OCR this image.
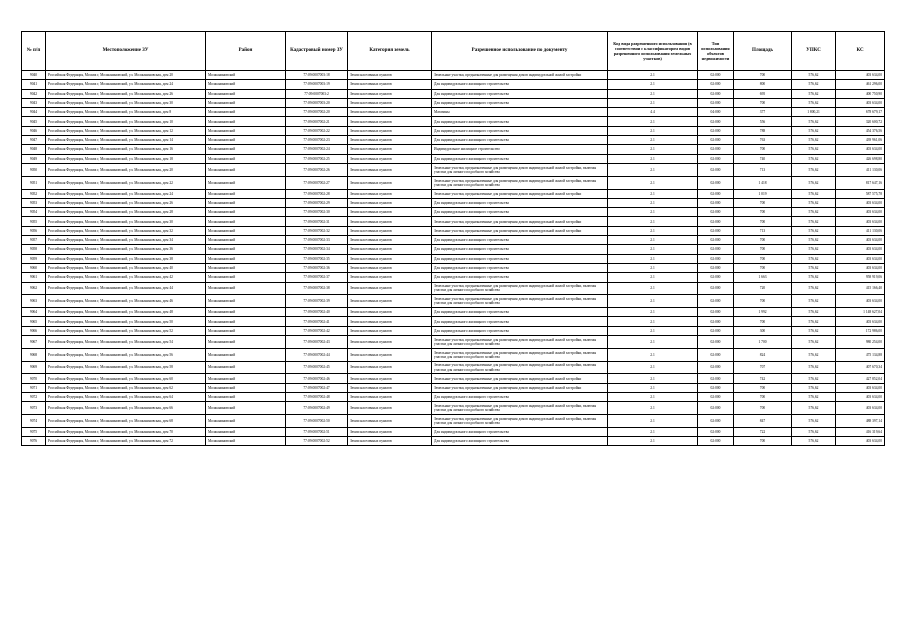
№ п/п	Местоположение ЗУ	Район	Кадастровый номер ЗУ	Категория земель	Разрешенное использование по документу	Код вида разрешенного использования (в соответствии с классификатором видов разрешенного использования земельных участков)	Тип использования объектов недвижимости	Площадь	УПКС	КС
9040	Российская Федерация, Москва г, Молжаниновский, ул. Молжаниновская, дом 20	Молжаниновский	77:09:0007003:18	Земли населенных пунктов	Земельные участки, предназначенные для размещения домов индивидуальной жилой застройки	2.1	02:000	700	576,62	403 634,00
9041	Российская Федерация, Москва г, Молжаниновский, ул. Молжаниновская, дом 24	Молжаниновский	77:09:0007003:19	Земли населенных пунктов	Для индивидуального жилищного строительства	2.1	02:000	800	576,62	461 296,00
9042	Российская Федерация, Москва г, Молжаниновский, ул. Молжаниновская, дом 26	Молжаниновский	77:09:0007003:2	Земли населенных пунктов	Для индивидуального жилищного строительства	2.1	02:000	695	576,62	400 750,90
9043	Российская Федерация, Москва г, Молжаниновский, ул. Молжаниновская, дом 30	Молжаниновский	77:09:0007003:20	Земли населенных пунктов	Для индивидуального жилищного строительства	2.1	02:000	700	576,62	403 634,00
9044	Российская Федерация, Москва г, Молжаниновский, ул. Молжаниновская, дом 8	Молжаниновский	77:09:0007002:20	Земли населенных пунктов	Магазины	4.4	04:000	377	1 800,21	678 679,17
9045	Российская Федерация, Москва г, Молжаниновский, ул. Молжаниновская, дом 10	Молжаниновский	77:09:0007002:21	Земли населенных пунктов	Для индивидуального жилищного строительства	2.1	02:000	556	576,62	320 600,72
9046	Российская Федерация, Москва г, Молжаниновский, ул. Молжаниновская, дом 12	Молжаниновский	77:09:0007002:22	Земли населенных пунктов	Для индивидуального жилищного строительства	2.1	02:000	788	576,62	454 376,56
9047	Российская Федерация, Москва г, Молжаниновский, ул. Молжаниновская, дом 14	Молжаниновский	77:09:0007002:23	Земли населенных пунктов	Для индивидуального жилищного строительства	2.1	02:000	763	576,62	439 961,06
9048	Российская Федерация, Москва г, Молжаниновский, ул. Молжаниновская, дом 16	Молжаниновский	77:09:0007002:24	Земли населенных пунктов	Индивидуальное жилищное строительство	2.1	02:000	700	576,62	403 634,00
9049	Российская Федерация, Москва г, Молжаниновский, ул. Молжаниновская, дом 18	Молжаниновский	77:09:0007002:25	Земли населенных пунктов	Для индивидуального жилищного строительства	2.1	02:000	740	576,62	426 698,80
9050	Российская Федерация, Москва г, Молжаниновский, ул. Молжаниновская, дом 20	Молжаниновский	77:09:0007002:26	Земли населенных пунктов	Земельные участки, предназначенные для размещения домов индивидуальной жилой застройки, включая участки для личного подсобного хозяйства	2.1	02:000	713	576,62	411 130,06
9051	Российская Федерация, Москва г, Молжаниновский, ул. Молжаниновская, дом 22	Молжаниновский	77:09:0007002:27	Земли населенных пунктов	Земельные участки, предназначенные для размещения домов индивидуальной жилой застройки, включая участки для личного подсобного хозяйства	2.1	02:000	1 418	576,62	817 647,16
9052	Российская Федерация, Москва г, Молжаниновский, ул. Молжаниновская, дом 24	Молжаниновский	77:09:0007002:28	Земли населенных пунктов	Земельные участки, предназначенные для размещения домов индивидуальной жилой застройки	2.1	02:000	1 019	576,62	587 575,78
9053	Российская Федерация, Москва г, Молжаниновский, ул. Молжаниновская, дом 26	Молжаниновский	77:09:0007002:29	Земли населенных пунктов	Для индивидуального жилищного строительства	2.1	02:000	700	576,62	403 634,00
9054	Российская Федерация, Москва г, Молжаниновский, ул. Молжаниновская, дом 28	Молжаниновский	77:09:0007002:30	Земли населенных пунктов	Для индивидуального жилищного строительства	2.1	02:000	700	576,62	403 634,00
9055	Российская Федерация, Москва г, Молжаниновский, ул. Молжаниновская, дом 30	Молжаниновский	77:09:0007002:31	Земли населенных пунктов	Земельные участки, предназначенные для размещения домов индивидуальной жилой застройки	2.1	02:000	700	576,62	403 634,00
9056	Российская Федерация, Москва г, Молжаниновский, ул. Молжаниновская, дом 32	Молжаниновский	77:09:0007002:32	Земли населенных пунктов	Земельные участки, предназначенные для размещения домов индивидуальной жилой застройки	2.1	02:000	713	576,62	411 130,06
9057	Российская Федерация, Москва г, Молжаниновский, ул. Молжаниновская, дом 34	Молжаниновский	77:09:0007002:33	Земли населенных пунктов	Для индивидуального жилищного строительства	2.1	02:000	700	576,62	403 634,00
9058	Российская Федерация, Москва г, Молжаниновский, ул. Молжаниновская, дом 36	Молжаниновский	77:09:0007002:34	Земли населенных пунктов	Для индивидуального жилищного строительства	2.1	02:000	700	576,62	403 634,00
9059	Российская Федерация, Москва г, Молжаниновский, ул. Молжаниновская, дом 38	Молжаниновский	77:09:0007002:35	Земли населенных пунктов	Для индивидуального жилищного строительства	2.1	02:000	700	576,62	403 634,00
9060	Российская Федерация, Москва г, Молжаниновский, ул. Молжаниновская, дом 40	Молжаниновский	77:09:0007002:36	Земли населенных пунктов	Для индивидуального жилищного строительства	2.1	02:000	700	576,62	403 634,00
9061	Российская Федерация, Москва г, Молжаниновский, ул. Молжаниновская, дом 42	Молжаниновский	77:09:0007002:37	Земли населенных пунктов	Для индивидуального жилищного строительства	2.1	02:000	1 663	576,62	958 919,06
9062	Российская Федерация, Москва г, Молжаниновский, ул. Молжаниновская, дом 44	Молжаниновский	77:09:0007002:38	Земли населенных пунктов	Земельные участки, предназначенные для размещения домов индивидуальной жилой застройки, включая участки для личного подсобного хозяйства	2.1	02:000	720	576,62	415 166,40
9063	Российская Федерация, Москва г, Молжаниновский, ул. Молжаниновская, дом 46	Молжаниновский	77:09:0007002:39	Земли населенных пунктов	Земельные участки, предназначенные для размещения домов индивидуальной жилой застройки, включая участки для личного подсобного хозяйства	2.1	02:000	700	576,62	403 634,00
9064	Российская Федерация, Москва г, Молжаниновский, ул. Молжаниновская, дом 48	Молжаниновский	77:09:0007002:40	Земли населенных пунктов	Для индивидуального жилищного строительства	2.1	02:000	1 992	576,62	1 148 627,04
9065	Российская Федерация, Москва г, Молжаниновский, ул. Молжаниновская, дом 50	Молжаниновский	77:09:0007002:41	Земли населенных пунктов	Для индивидуального жилищного строительства	2.1	02:000	700	576,62	403 634,00
9066	Российская Федерация, Москва г, Молжаниновский, ул. Молжаниновская, дом 52	Молжаниновский	77:09:0007002:42	Земли населенных пунктов	Для индивидуального жилищного строительства	2.1	02:000	300	576,62	172 986,00
9067	Российская Федерация, Москва г, Молжаниновский, ул. Молжаниновская, дом 54	Молжаниновский	77:09:0007002:43	Земли населенных пунктов	Земельные участки, предназначенные для размещения домов индивидуальной жилой застройки, включая участки для личного подсобного хозяйства	2.1	02:000	1 700	576,62	980 254,00
9068	Российская Федерация, Москва г, Молжаниновский, ул. Молжаниновская, дом 56	Молжаниновский	77:09:0007002:44	Земли населенных пунктов	Земельные участки, предназначенные для размещения домов индивидуальной жилой застройки, включая участки для личного подсобного хозяйства	2.1	02:000	824	576,62	475 134,88
9069	Российская Федерация, Москва г, Молжаниновский, ул. Молжаниновская, дом 58	Молжаниновский	77:09:0007002:45	Земли населенных пунктов	Земельные участки, предназначенные для размещения домов индивидуальной жилой застройки, включая участки для личного подсобного хозяйства	2.1	02:000	707	576,62	407 670,34
9070	Российская Федерация, Москва г, Молжаниновский, ул. Молжаниновская, дом 60	Молжаниновский	77:09:0007002:46	Земли населенных пунктов	Земельные участки, предназначенные для размещения домов индивидуальной жилой застройки	2.1	02:000	742	576,62	427 852,04
9071	Российская Федерация, Москва г, Молжаниновский, ул. Молжаниновская, дом 62	Молжаниновский	77:09:0007002:47	Земли населенных пунктов	Земельные участки, предназначенные для размещения домов индивидуальной жилой застройки	2.1	02:000	700	576,62	403 634,00
9072	Российская Федерация, Москва г, Молжаниновский, ул. Молжаниновская, дом 64	Молжаниновский	77:09:0007002:48	Земли населенных пунктов	Для индивидуального жилищного строительства	2.1	02:000	700	576,62	403 634,00
9073	Российская Федерация, Москва г, Молжаниновский, ул. Молжаниновская, дом 66	Молжаниновский	77:09:0007002:49	Земли населенных пунктов	Земельные участки, предназначенные для размещения домов индивидуальной жилой застройки, включая участки для личного подсобного хозяйства	2.1	02:000	700	576,62	403 634,00
9074	Российская Федерация, Москва г, Молжаниновский, ул. Молжаниновская, дом 68	Молжаниновский	77:09:0007002:50	Земли населенных пунктов	Земельные участки, предназначенные для размещения домов индивидуальной жилой застройки, включая участки для личного подсобного хозяйства	2.1	02:000	847	576,62	488 397,14
9075	Российская Федерация, Москва г, Молжаниновский, ул. Молжаниновская, дом 70	Молжаниновский	77:09:0007002:51	Земли населенных пунктов	Для индивидуального жилищного строительства	2.1	02:000	722	576,62	416 319,64
9076	Российская Федерация, Москва г, Молжаниновский, ул. Молжаниновская, дом 72	Молжаниновский	77:09:0007002:52	Земли населенных пунктов	Для индивидуального жилищного строительства	2.1	02:000	700	576,62	403 634,00
